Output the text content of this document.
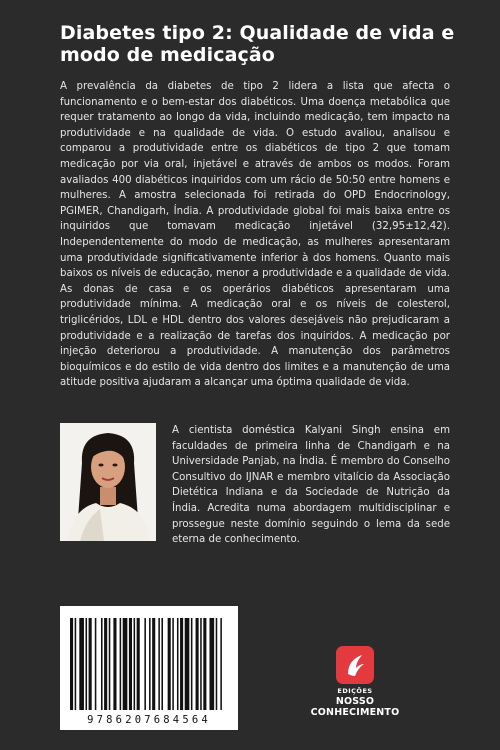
Diabetes tipo 2: Qualidade de vida e modo de medicação

A prevalência da diabetes de tipo 2 lidera a lista que afecta o funcionamento e o bem-estar dos diabéticos. Uma doença metabólica que requer tratamento ao longo da vida, incluindo medicação, tem impacto na produtividade e na qualidade de vida. O estudo avaliou, analisou e comparou a produtividade entre os diabéticos de tipo 2 que tomam medicação por via oral, injetável e através de ambos os modos. Foram avaliados 400 diabéticos inquiridos com um rácio de 50:50 entre homens e mulheres. A amostra selecionada foi retirada do OPD Endocrinology, PGIMER, Chandigarh, Índia. A produtividade global foi mais baixa entre os inquiridos que tomavam medicação injetável (32,95±12,42). Independentemente do modo de medicação, as mulheres apresentaram uma produtividade significativamente inferior à dos homens. Quanto mais baixos os níveis de educação, menor a produtividade e a qualidade de vida. As donas de casa e os operários diabéticos apresentaram uma produtividade mínima. A medicação oral e os níveis de colesterol, triglicéridos, LDL e HDL dentro dos valores desejáveis não prejudicaram a produtividade e a realização de tarefas dos inquiridos. A medicação por injeção deteriorou a produtividade. A manutenção dos parâmetros bioquímicos e do estilo de vida dentro dos limites e a manutenção de uma atitude positiva ajudaram a alcançar uma óptima qualidade de vida.

A cientista doméstica Kalyani Singh ensina em faculdades de primeira linha de Chandigarh e na Universidade Panjab, na Índia. É membro do Conselho Consultivo do IJNAR e membro vitalício da Associação Dietética Indiana e da Sociedade de Nutrição da Índia. Acredita numa abordagem multidisciplinar e prossegue neste domínio seguindo o lema da sede eterna de conhecimento.
9786207684564
EDIÇÕES
NOSSO CONHECIMENTO
